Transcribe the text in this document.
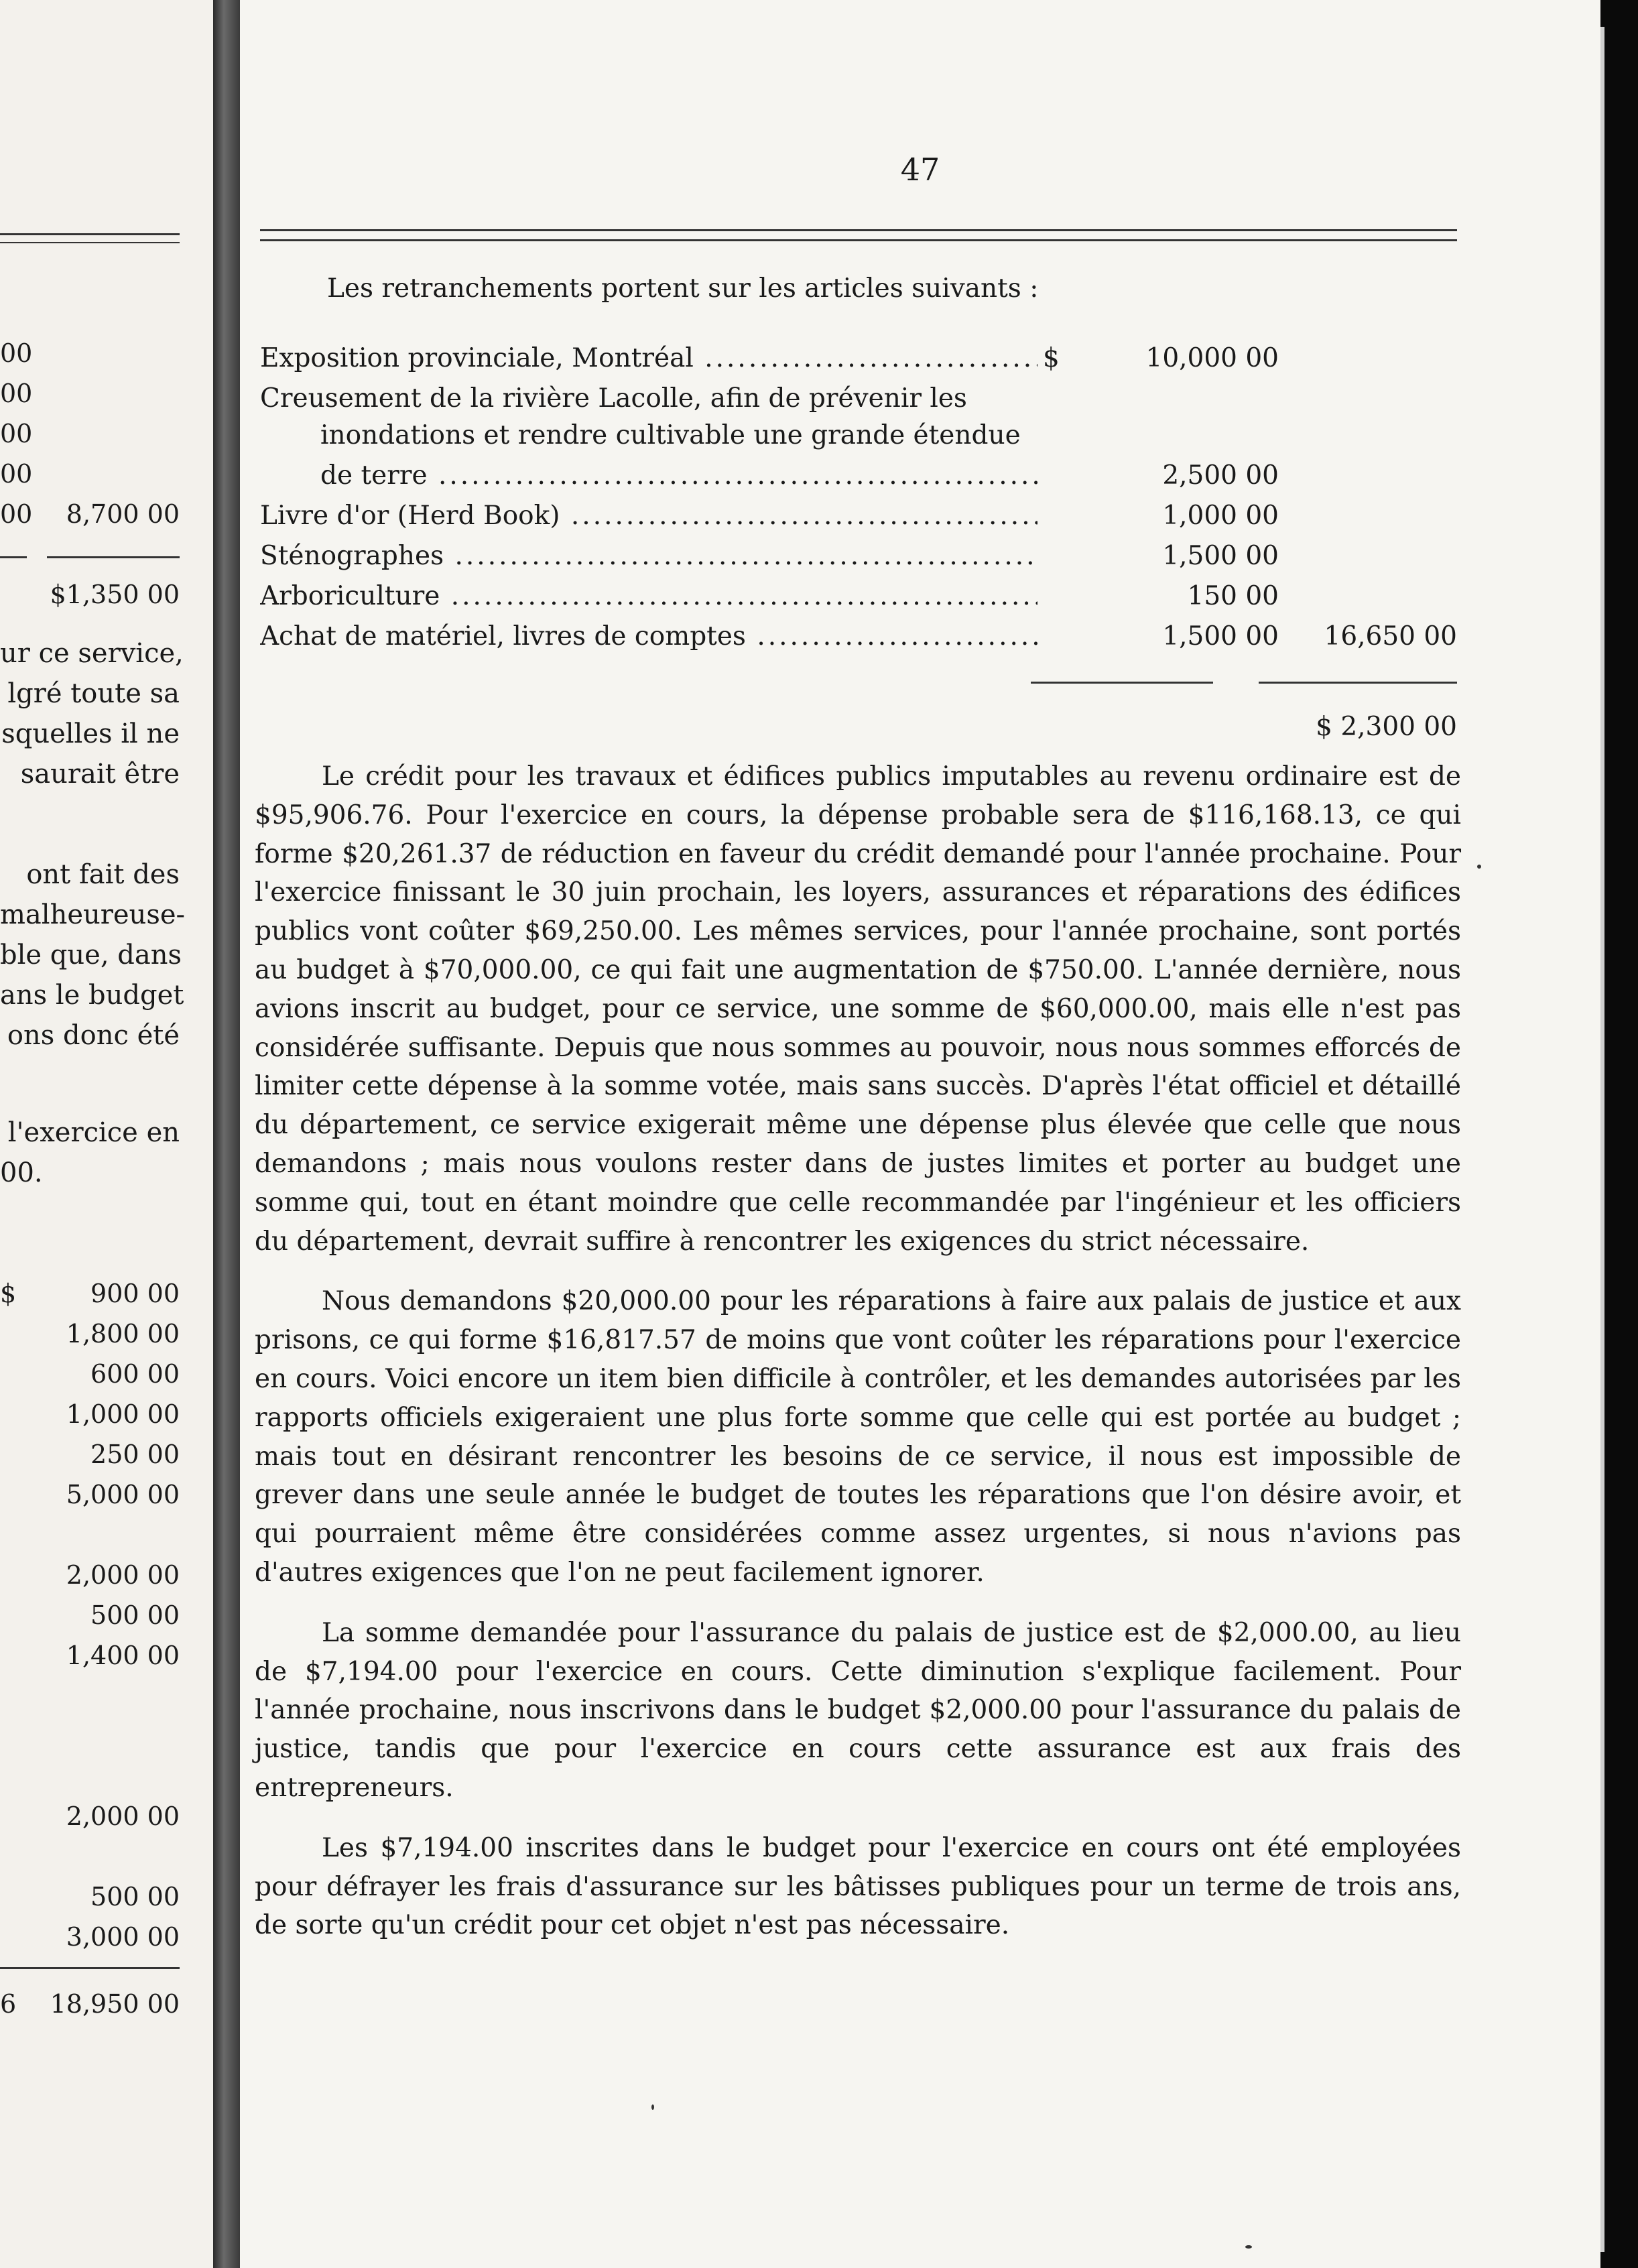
00
00
00
00
00 8,700 00
$1,350 00
ur ce service,
lgré toute sa
squelles il ne
saurait être
ont fait des
malheureuse-
ble que, dans
ans le budget
ons donc été
l'exercice en
00.
$	900 00
1,800 00
600 00
1,000 00
250 00
5,000 00
2,000 00
500 00
1,400 00
2,000 00
500 00
3,000 00
6 18,950 00
47
Les retranchements portent sur les articles suivants :
Exposition provinciale, Montréal .....	$	10,000 00
Creusement de la rivière Lacolle, afin de prévenir les
inondations et rendre cultivable une grande étendue
de terre .....	2,500 00
Livre d'or (Herd Book) .....	1,000 00
Sténographes .....	1,500 00
Arboriculture .....	150 00
Achat de matériel, livres de comptes .....	1,500 00	16,650 00
$ 2,300 00

Le crédit pour les travaux et édifices publics imputables au revenu ordinaire est de $95,906.76. Pour l'exercice en cours, la dépense probable sera de $116,168.13, ce qui forme $20,261.37 de réduction en faveur du crédit demandé pour l'année prochaine. Pour l'exercice finissant le 30 juin prochain, les loyers, assurances et réparations des édifices publics vont coûter $69,250.00. Les mêmes services, pour l'année prochaine, sont portés au budget à $70,000.00, ce qui fait une augmentation de $750.00. L'année dernière, nous avions inscrit au budget, pour ce service, une somme de $60,000.00, mais elle n'est pas considérée suffisante. Depuis que nous sommes au pouvoir, nous nous sommes efforcés de limiter cette dépense à la somme votée, mais sans succès. D'après l'état officiel et détaillé du département, ce service exigerait même une dépense plus élevée que celle que nous demandons ; mais nous voulons rester dans de justes limites et porter au budget une somme qui, tout en étant moindre que celle recommandée par l'ingénieur et les officiers du département, devrait suffire à rencontrer les exigences du strict nécessaire.

Nous demandons $20,000.00 pour les réparations à faire aux palais de justice et aux prisons, ce qui forme $16,817.57 de moins que vont coûter les réparations pour l'exercice en cours. Voici encore un item bien difficile à contrôler, et les demandes autorisées par les rapports officiels exigeraient une plus forte somme que celle qui est portée au budget ; mais tout en désirant rencontrer les besoins de ce service, il nous est impossible de grever dans une seule année le budget de toutes les réparations que l'on désire avoir, et qui pourraient même être considérées comme assez urgentes, si nous n'avions pas d'autres exigences que l'on ne peut facilement ignorer.

La somme demandée pour l'assurance du palais de justice est de $2,000.00, au lieu de $7,194.00 pour l'exercice en cours. Cette diminution s'explique facilement. Pour l'année prochaine, nous inscrivons dans le budget $2,000.00 pour l'assurance du palais de justice, tandis que pour l'exercice en cours cette assurance est aux frais des entrepreneurs.

Les $7,194.00 inscrites dans le budget pour l'exercice en cours ont été employées pour défrayer les frais d'assurance sur les bâtisses publiques pour un terme de trois ans, de sorte qu'un crédit pour cet objet n'est pas nécessaire.
